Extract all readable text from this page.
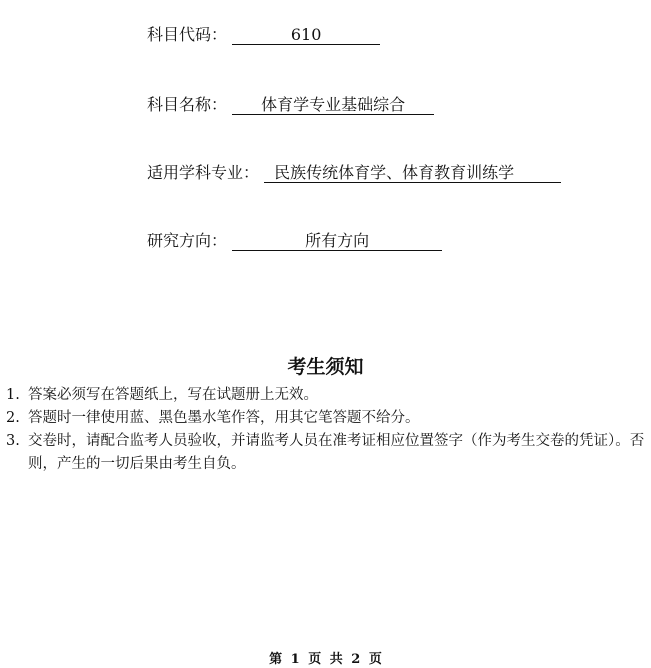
科目代码：	610
科目名称： 体育学专业基础综合
适用学科专业： 民族传统体育学、体育教育训练学
研究方向：	所有方向
考生须知
1. 答案必须写在答题纸上，写在试题册上无效。
2. 答题时一律使用蓝、黑色墨水笔作答，用其它笔答题不给分。
3. 交卷时，请配合监考人员验收，并请监考人员在准考证相应位置签字（作为考生交卷的凭证）。否则，产生的一切后果由考生自负。
第 1 页 共 2 页
